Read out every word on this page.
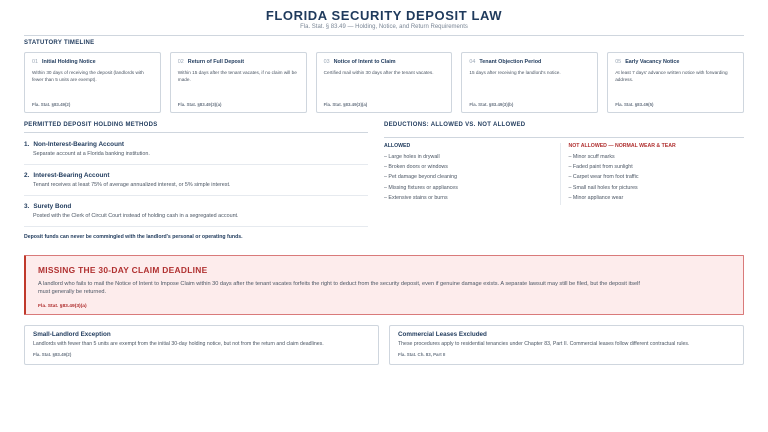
FLORIDA SECURITY DEPOSIT LAW
Fla. Stat. § 83.49 — Holding, Notice, and Return Requirements
STATUTORY TIMELINE
01 Initial Holding Notice
Within 30 days of receiving the deposit (landlords with fewer than 5 units are exempt).
Fla. Stat. §83.49(2)
02 Return of Full Deposit
Within 15 days after the tenant vacates, if no claim will be made.
Fla. Stat. §83.49(3)(a)
03 Notice of Intent to Claim
Certified mail within 30 days after the tenant vacates.
Fla. Stat. §83.49(3)(a)
04 Tenant Objection Period
15 days after receiving the landlord's notice.
Fla. Stat. §83.49(3)(b)
05 Early Vacancy Notice
At least 7 days' advance written notice with forwarding address.
Fla. Stat. §83.49(5)
PERMITTED DEPOSIT HOLDING METHODS	DEDUCTIONS: ALLOWED VS. NOT ALLOWED
1. Non-Interest-Bearing Account
Separate account at a Florida banking institution.
2. Interest-Bearing Account
Tenant receives at least 75% of average annualized interest, or 5% simple interest.
3. Surety Bond
Posted with the Clerk of Circuit Court instead of holding cash in a segregated account.
Deposit funds can never be commingled with the landlord's personal or operating funds.
ALLOWED
– Large holes in drywall
– Broken doors or windows
– Pet damage beyond cleaning
– Missing fixtures or appliances
– Extensive stains or burns
NOT ALLOWED — NORMAL WEAR & TEAR
– Minor scuff marks
– Faded paint from sunlight
– Carpet wear from foot traffic
– Small nail holes for pictures
– Minor appliance wear
MISSING THE 30-DAY CLAIM DEADLINE
A landlord who fails to mail the Notice of Intent to Impose Claim within 30 days after the tenant vacates forfeits the right to deduct from the security deposit, even if genuine damage exists. A separate lawsuit may still be filed, but the deposit itself must generally be returned.
Fla. Stat. §83.49(3)(a)
Small-Landlord Exception
Landlords with fewer than 5 units are exempt from the initial 30-day holding notice, but not from the return and claim deadlines.
Fla. Stat. §83.49(2)
Commercial Leases Excluded
These procedures apply to residential tenancies under Chapter 83, Part II. Commercial leases follow different contractual rules.
Fla. Stat. Ch. 83, Part II
